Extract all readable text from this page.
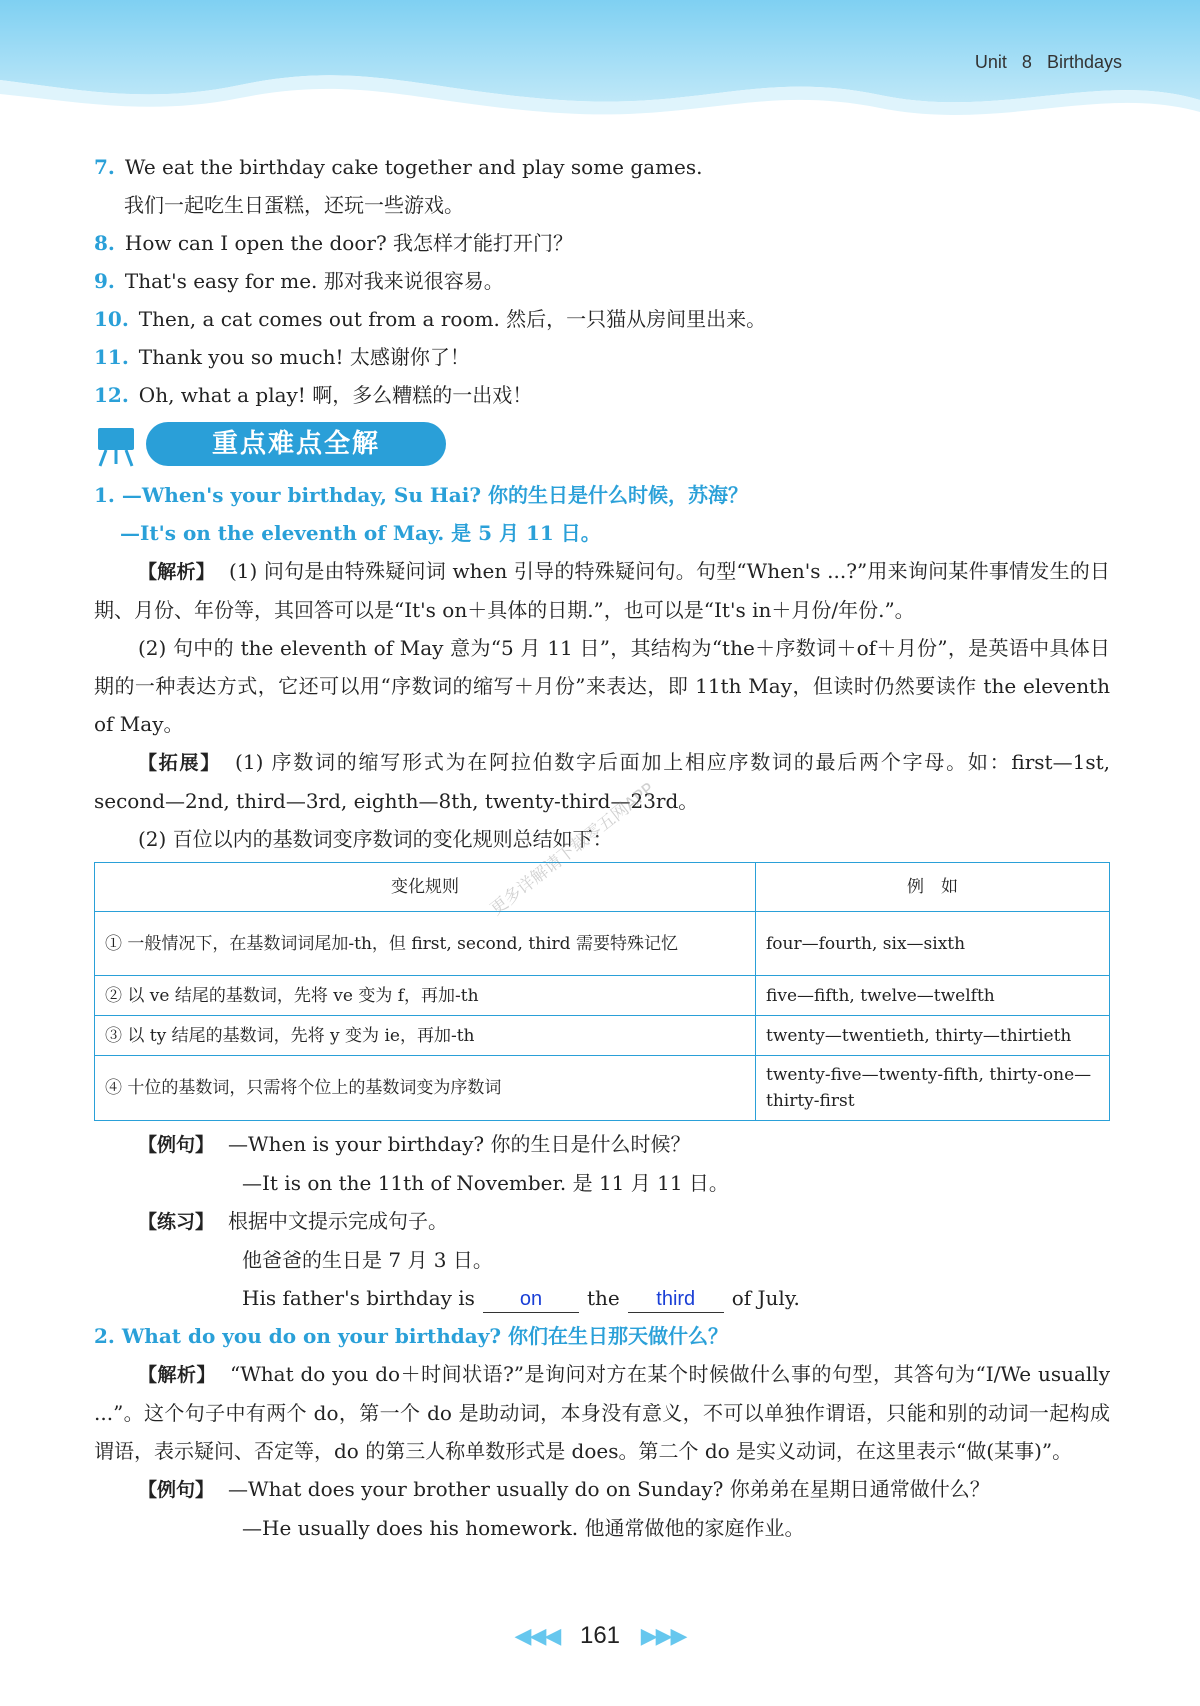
Unit 8 Birthdays
7. We eat the birthday cake together and play some games.
我们一起吃生日蛋糕，还玩一些游戏。
8. How can I open the door? 我怎样才能打开门？
9. That's easy for me. 那对我来说很容易。
10. Then, a cat comes out from a room. 然后，一只猫从房间里出来。
11. Thank you so much! 太感谢你了！
12. Oh, what a play! 啊，多么糟糕的一出戏！
重点难点全解
1. —When's your birthday, Su Hai? 你的生日是什么时候，苏海？
—It's on the eleventh of May. 是 5 月 11 日。
【解析】 (1) 问句是由特殊疑问词 when 引导的特殊疑问句。句型“When's ...?”用来询问某件事情发生的日期、月份、年份等，其回答可以是“It's on＋具体的日期.”，也可以是“It's in＋月份/年份.”。
(2) 句中的 the eleventh of May 意为“5 月 11 日”，其结构为“the＋序数词＋of＋月份”，是英语中具体日期的一种表达方式，它还可以用“序数词的缩写＋月份”来表达，即 11th May，但读时仍然要读作 the eleventh of May。
【拓展】 (1) 序数词的缩写形式为在阿拉伯数字后面加上相应序数词的最后两个字母。如：first—1st, second—2nd, third—3rd, eighth—8th, twenty-third—23rd。
(2) 百位以内的基数词变序数词的变化规则总结如下：
变化规则	例　如
① 一般情况下，在基数词词尾加-th，但 first, second, third 需要特殊记忆	four—fourth, six—sixth
② 以 ve 结尾的基数词，先将 ve 变为 f，再加-th	five—fifth, twelve—twelfth
③ 以 ty 结尾的基数词，先将 y 变为 ie，再加-th	twenty—twentieth, thirty—thirtieth
④ 十位的基数词，只需将个位上的基数词变为序数词	twenty-five—twenty-fifth, thirty-one—thirty-first
【例句】 —When is your birthday? 你的生日是什么时候？
—It is on the 11th of November. 是 11 月 11 日。
【练习】 根据中文提示完成句子。
他爸爸的生日是 7 月 3 日。
His father's birthday is on the third of July.
2. What do you do on your birthday? 你们在生日那天做什么？
【解析】 “What do you do＋时间状语?”是询问对方在某个时候做什么事的句型，其答句为“I/We usually ...”。这个句子中有两个 do，第一个 do 是助动词，本身没有意义，不可以单独作谓语，只能和别的动词一起构成谓语，表示疑问、否定等，do 的第三人称单数形式是 does。第二个 do 是实义动词，在这里表示“做(某事)”。
【例句】 —What does your brother usually do on Sunday? 你弟弟在星期日通常做什么？
—He usually does his homework. 他通常做他的家庭作业。
更多详解请下载零五网APP
◀◀◀ 161 ▶▶▶
